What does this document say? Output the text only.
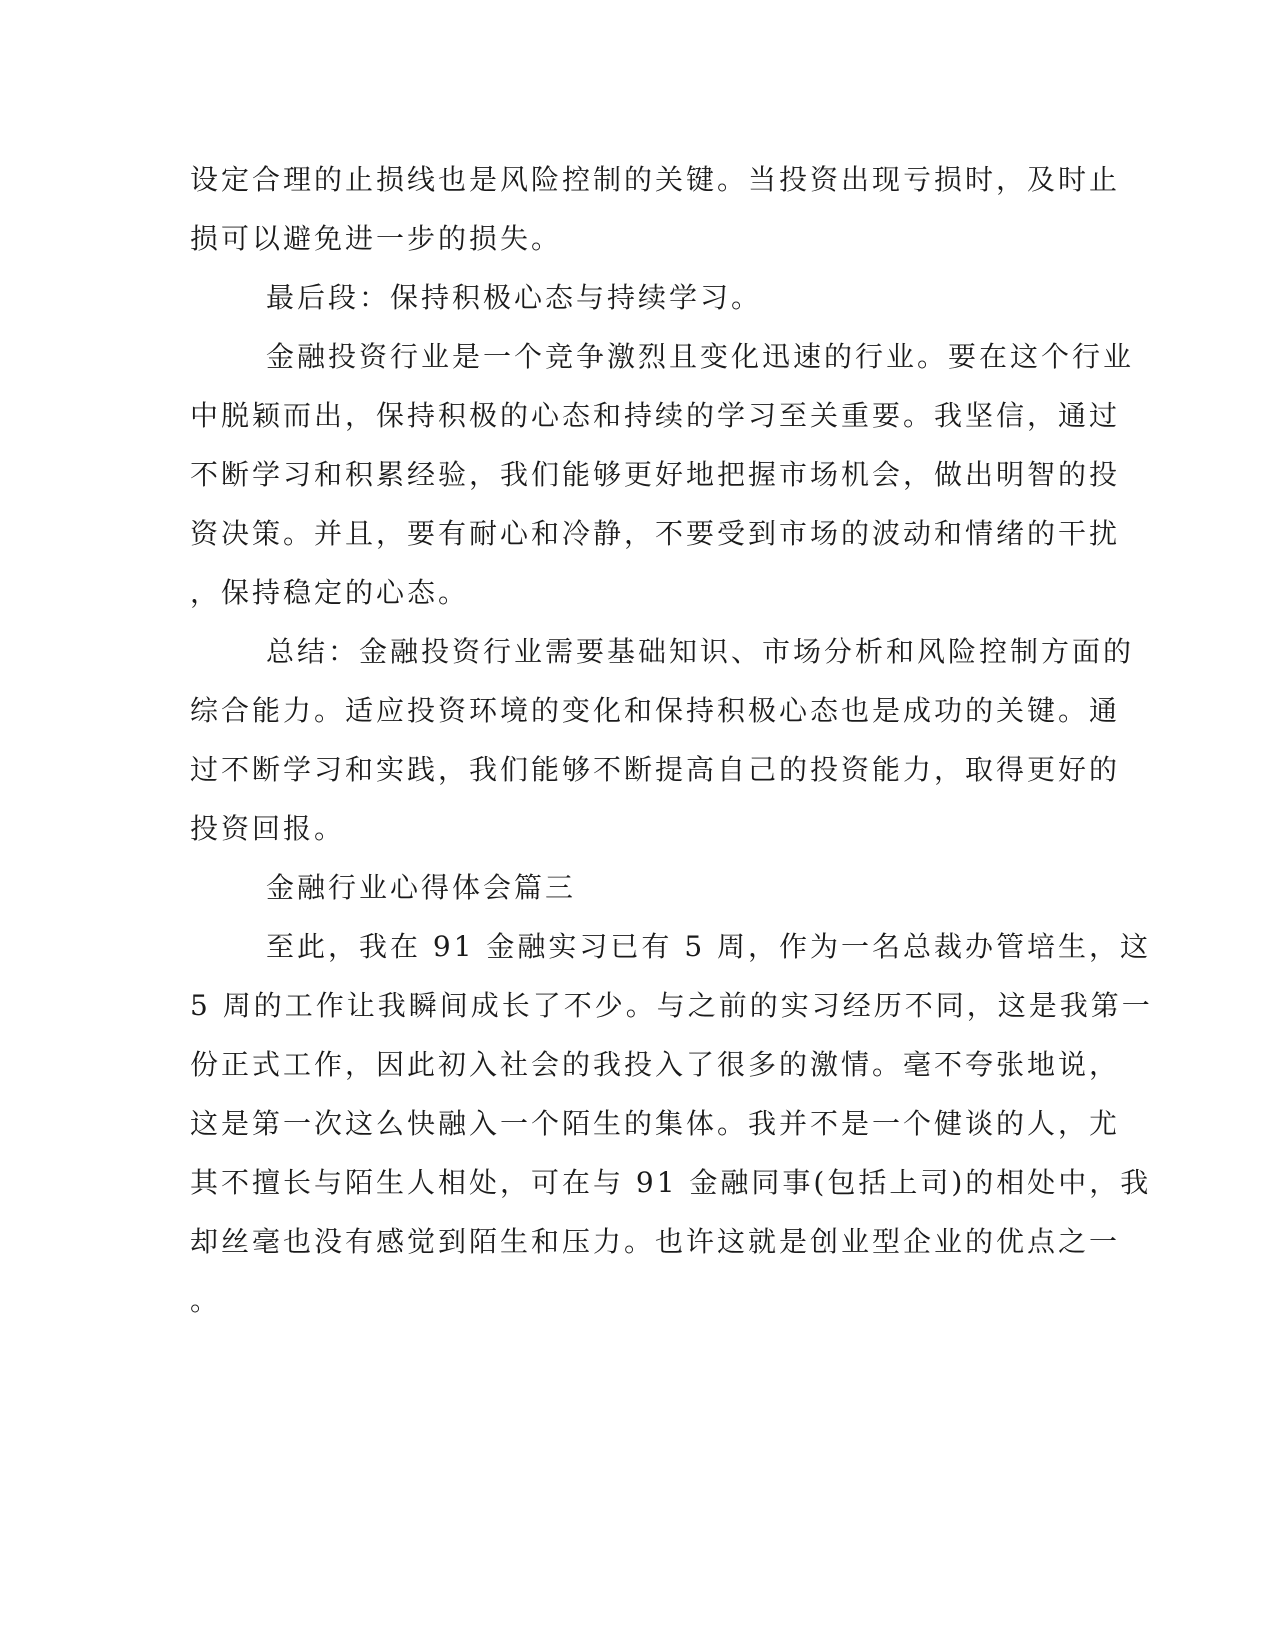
设定合理的止损线也是风险控制的关键。当投资出现亏损时，及时止
损可以避免进一步的损失。
最后段：保持积极心态与持续学习。
金融投资行业是一个竞争激烈且变化迅速的行业。要在这个行业
中脱颖而出，保持积极的心态和持续的学习至关重要。我坚信，通过
不断学习和积累经验，我们能够更好地把握市场机会，做出明智的投
资决策。并且，要有耐心和冷静，不要受到市场的波动和情绪的干扰
，保持稳定的心态。
总结：金融投资行业需要基础知识、市场分析和风险控制方面的
综合能力。适应投资环境的变化和保持积极心态也是成功的关键。通
过不断学习和实践，我们能够不断提高自己的投资能力，取得更好的
投资回报。
金融行业心得体会篇三
至此，我在 91 金融实习已有 5 周，作为一名总裁办管培生，这
5 周的工作让我瞬间成长了不少。与之前的实习经历不同，这是我第一
份正式工作，因此初入社会的我投入了很多的激情。毫不夸张地说，
这是第一次这么快融入一个陌生的集体。我并不是一个健谈的人，尤
其不擅长与陌生人相处，可在与 91 金融同事(包括上司)的相处中，我
却丝毫也没有感觉到陌生和压力。也许这就是创业型企业的优点之一
。
